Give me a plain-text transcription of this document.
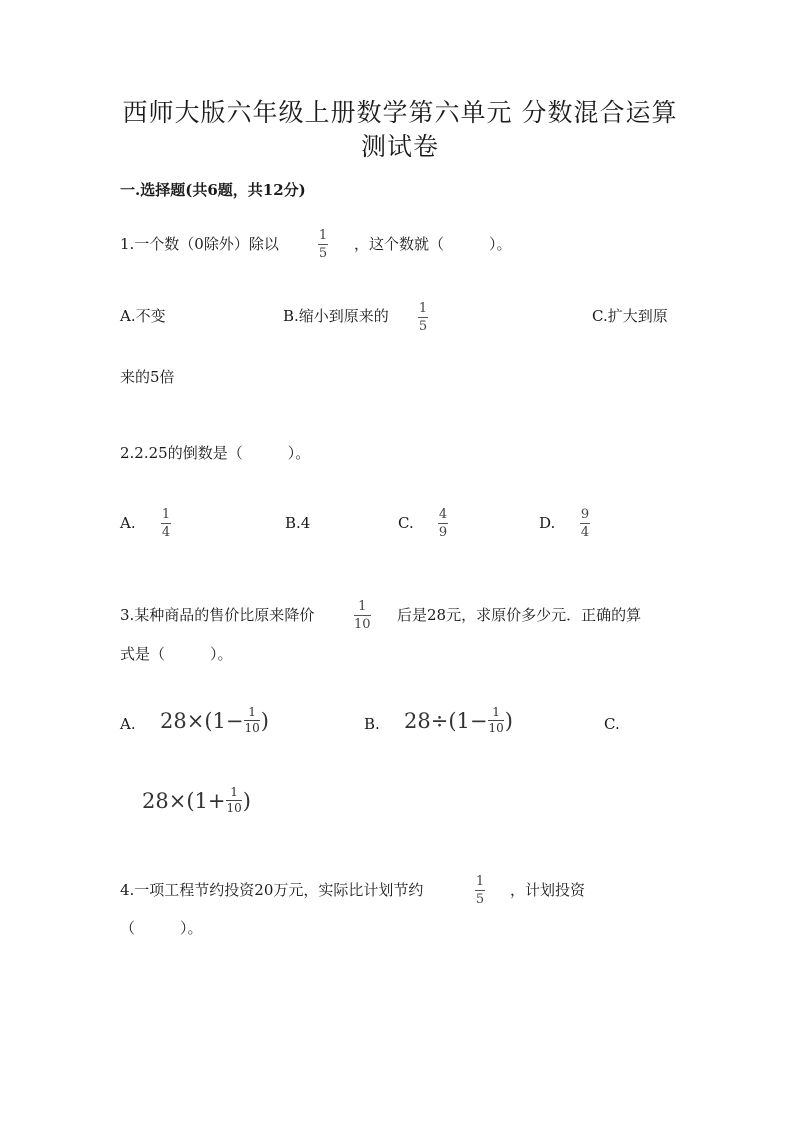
西师大版六年级上册数学第六单元 分数混合运算
测试卷
一.选择题(共6题，共12分)
1.一个数（0除外）除以	1
5
，这个数就（　　　）。
A.不变	B.缩小到原来的 1
5
C.扩大到原
来的5倍
2.2.25的倒数是（　　　）。
A. 1
4
B.4	C. 4
9
D. 9
4
3.某种商品的售价比原来降价	1
10
后是28元，求原价多少元．正确的算
式是（　　　）。
A. 28×(1− 1
10 )	B. 28÷(1− 1
10 )	C.
28×(1+ 1
10 )
4.一项工程节约投资20万元，实际比计划节约	1
5
，计划投资
（　　　）。
